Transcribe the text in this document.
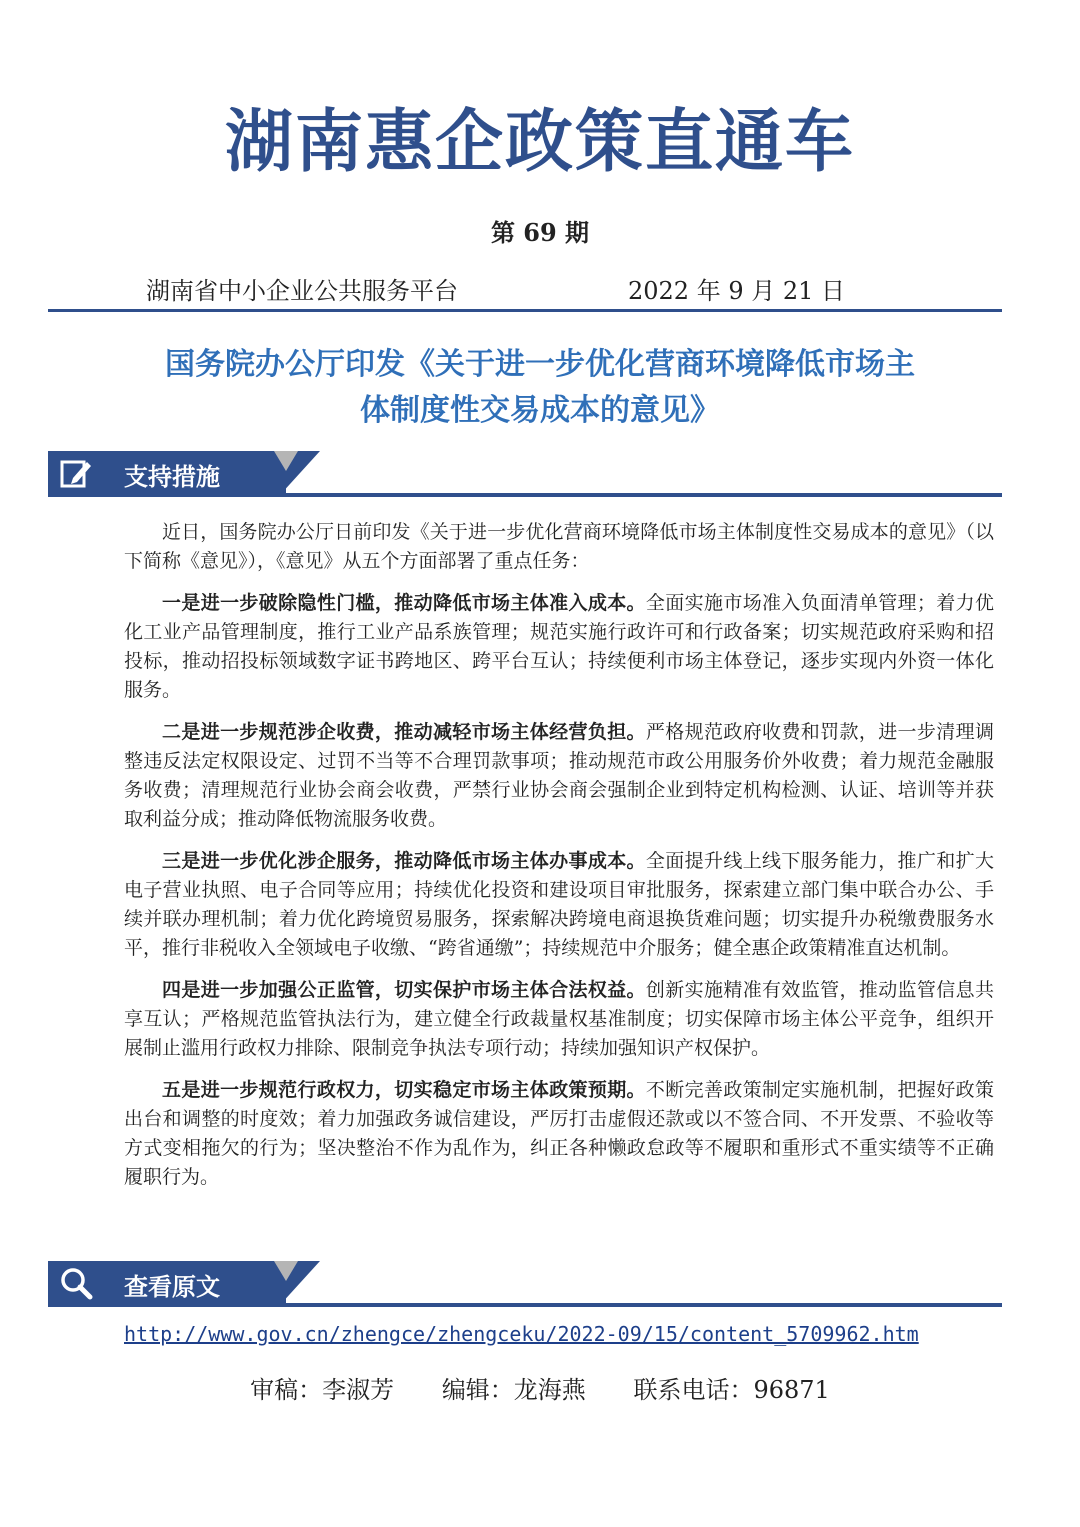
湖南惠企政策直通车
第 69 期
湖南省中小企业公共服务平台	2022 年 9 月 21 日
国务院办公厅印发《关于进一步优化营商环境降低市场主
体制度性交易成本的意见》
支持措施

近日，国务院办公厅日前印发《关于进一步优化营商环境降低市场主体制度性交易成本的意见》（以下简称《意见》），《意见》从五个方面部署了重点任务：

一是进一步破除隐性门槛，推动降低市场主体准入成本。全面实施市场准入负面清单管理；着力优化工业产品管理制度，推行工业产品系族管理；规范实施行政许可和行政备案；切实规范政府采购和招投标，推动招投标领域数字证书跨地区、跨平台互认；持续便利市场主体登记，逐步实现内外资一体化服务。

二是进一步规范涉企收费，推动减轻市场主体经营负担。严格规范政府收费和罚款，进一步清理调整违反法定权限设定、过罚不当等不合理罚款事项；推动规范市政公用服务价外收费；着力规范金融服务收费；清理规范行业协会商会收费，严禁行业协会商会强制企业到特定机构检测、认证、培训等并获取利益分成；推动降低物流服务收费。

三是进一步优化涉企服务，推动降低市场主体办事成本。全面提升线上线下服务能力，推广和扩大电子营业执照、电子合同等应用；持续优化投资和建设项目审批服务，探索建立部门集中联合办公、手续并联办理机制；着力优化跨境贸易服务，探索解决跨境电商退换货难问题；切实提升办税缴费服务水平，推行非税收入全领域电子收缴、“跨省通缴”；持续规范中介服务；健全惠企政策精准直达机制。

四是进一步加强公正监管，切实保护市场主体合法权益。创新实施精准有效监管，推动监管信息共享互认；严格规范监管执法行为，建立健全行政裁量权基准制度；切实保障市场主体公平竞争，组织开展制止滥用行政权力排除、限制竞争执法专项行动；持续加强知识产权保护。

五是进一步规范行政权力，切实稳定市场主体政策预期。不断完善政策制定实施机制，把握好政策出台和调整的时度效；着力加强政务诚信建设，严厉打击虚假还款或以不签合同、不开发票、不验收等方式变相拖欠的行为；坚决整治不作为乱作为，纠正各种懒政怠政等不履职和重形式不重实绩等不正确履职行为。

查看原文
http://www.gov.cn/zhengce/zhengceku/2022-09/15/content_5709962.htm
审稿：李淑芳 编辑：龙海燕 联系电话：96871
